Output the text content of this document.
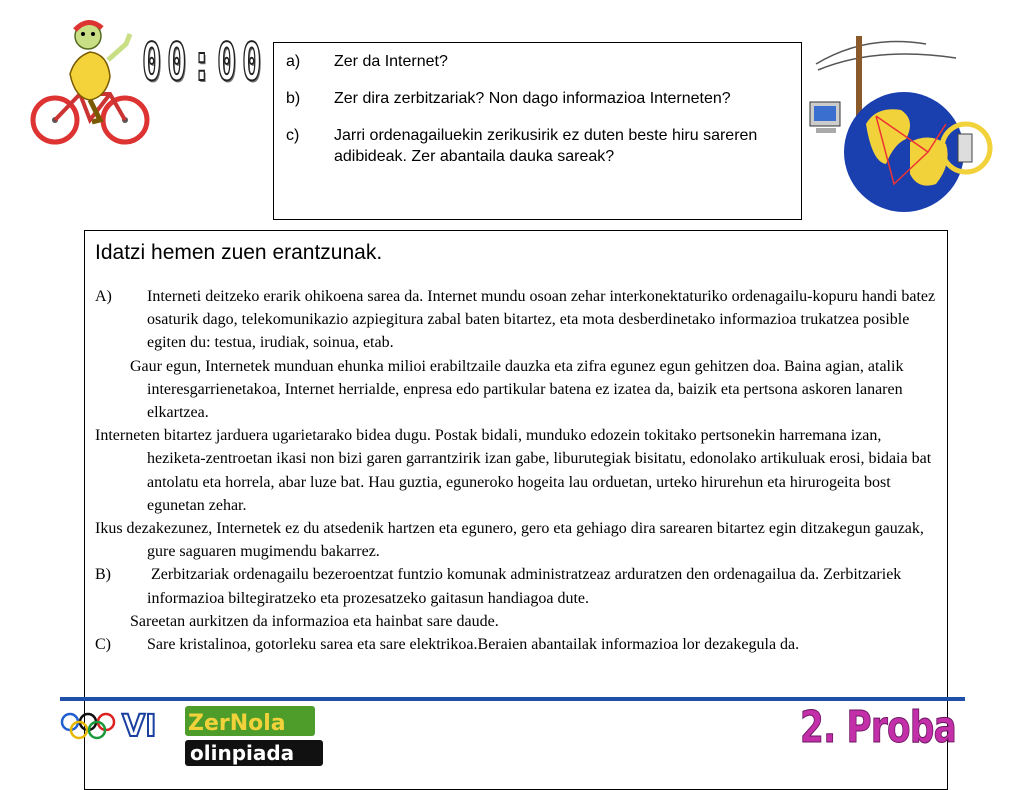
0 0 : 0 0 a)	Zer da Internet?
b)	Zer dira zerbitzariak? Non dago informazioa Interneten?
c)	Jarri ordenagailuekin zerikusirik ez duten beste hiru sareren adibideak. Zer abantaila dauka sareak?
Idatzi hemen zuen erantzunak.
A) Interneti deitzeko erarik ohikoena sarea da. Internet mundu osoan zehar interkonektaturiko ordenagailu-kopuru handi batez osaturik dago, telekomunikazio azpiegitura zabal baten bitartez, eta mota desberdinetako informazioa trukatzea posible egiten du: testua, irudiak, soinua, etab.
Gaur egun, Internetek munduan ehunka milioi erabiltzaile dauzka eta zifra egunez egun gehitzen doa. Baina agian, atalik interesgarrienetakoa, Internet herrialde, enpresa edo partikular batena ez izatea da, baizik eta pertsona askoren lanaren elkartzea.
Interneten bitartez jarduera ugarietarako bidea dugu. Postak bidali, munduko edozein tokitako pertsonekin harremana izan, heziketa-zentroetan ikasi non bizi garen garrantzirik izan gabe, liburutegiak bisitatu, edonolako artikuluak erosi, bidaia bat antolatu eta horrela, abar luze bat. Hau guztia, eguneroko hogeita lau orduetan, urteko hirurehun eta hirurogeita bost egunetan zehar.
Ikus dezakezunez, Internetek ez du atsedenik hartzen eta egunero, gero eta gehiago dira sarearen bitartez egin ditzakegun gauzak, gure saguaren mugimendu bakarrez.
B) Zerbitzariak ordenagailu bezeroentzat funtzio komunak administratzeaz arduratzen den ordenagailua da. Zerbitzariek informazioa biltegiratzeko eta prozesatzeko gaitasun handiagoa dute.
Sareetan aurkitzen da informazioa eta hainbat sare daude.
C) Sare kristalinoa, gotorleku sarea eta sare elektrikoa.Beraien abantailak informazioa lor dezakegula da.
VI ZerNola
olinpiada	2. Proba
